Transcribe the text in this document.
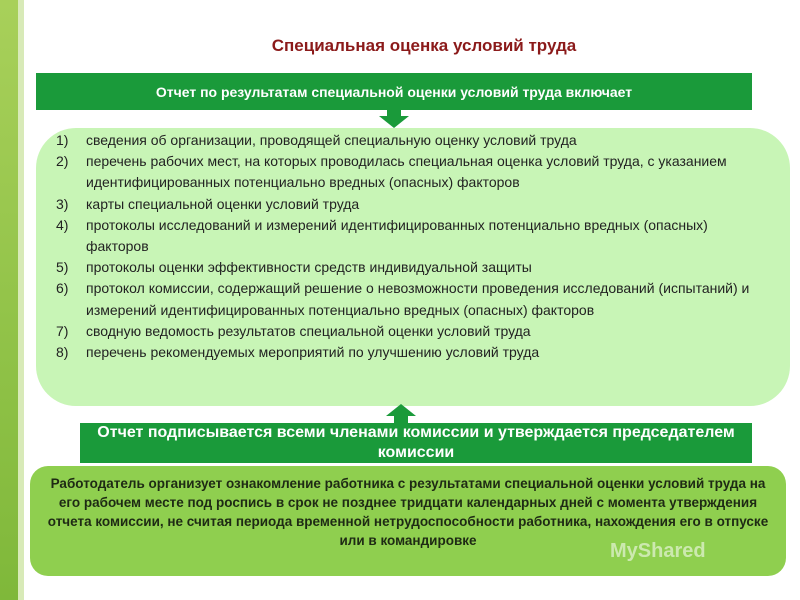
Специальная оценка условий труда
Отчет по результатам специальной оценки условий труда включает
1)	сведения об организации, проводящей специальную оценку условий труда
2)	перечень рабочих мест, на которых проводилась специальная оценка условий труда, с указанием идентифицированных потенциально вредных (опасных) факторов
3)	карты специальной оценки условий труда
4)	протоколы исследований и измерений идентифицированных потенциально вредных (опасных) факторов
5)	протоколы оценки эффективности средств индивидуальной защиты
6)	протокол комиссии, содержащий решение о невозможности проведения исследований (испытаний) и измерений идентифицированных потенциально вредных (опасных) факторов
7)	сводную ведомость результатов специальной оценки условий труда
8)	перечень рекомендуемых мероприятий по улучшению условий труда
Отчет подписывается всеми членами комиссии и утверждается председателем комиссии
Работодатель организует ознакомление работника с результатами специальной оценки условий труда на его рабочем месте под роспись в срок не позднее тридцати календарных дней с момента утверждения отчета комиссии, не считая периода временной нетрудоспособности работника, нахождения его в отпуске или в командировке	MyShared
